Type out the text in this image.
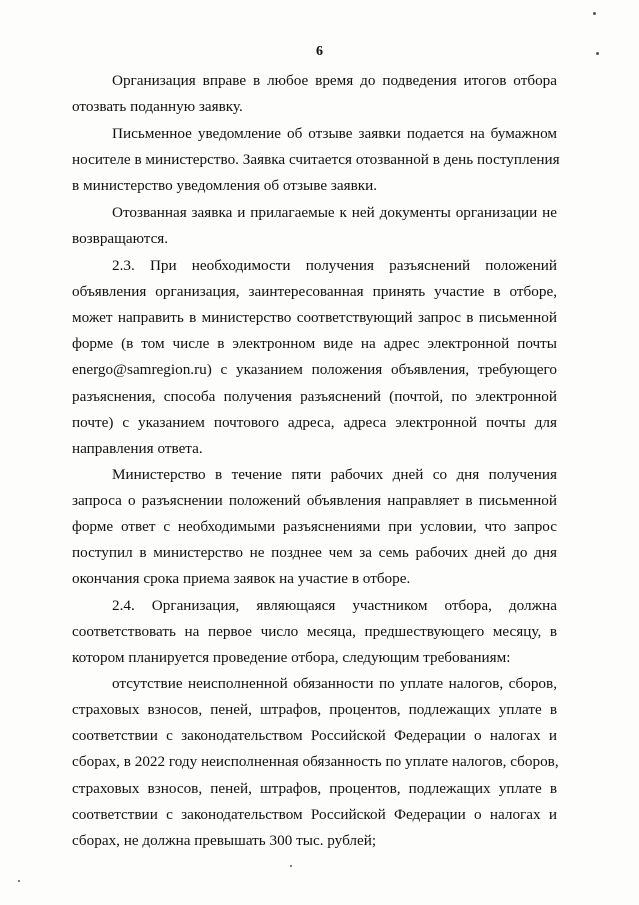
6
Организация вправе в любое время до подведения итогов отбора
отозвать поданную заявку.
Письменное уведомление об отзыве заявки подается на бумажном
носителе в министерство. Заявка считается отозванной в день поступления
в министерство уведомления об отзыве заявки.
Отозванная заявка и прилагаемые к ней документы организации не
возвращаются.
2.3. При необходимости получения разъяснений положений
объявления организация, заинтересованная принять участие в отборе,
может направить в министерство соответствующий запрос в письменной
форме (в том числе в электронном виде на адрес электронной почты
energo@samregion.ru) с указанием положения объявления, требующего
разъяснения, способа получения разъяснений (почтой, по электронной
почте) с указанием почтового адреса, адреса электронной почты для
направления ответа.
Министерство в течение пяти рабочих дней со дня получения
запроса о разъяснении положений объявления направляет в письменной
форме ответ с необходимыми разъяснениями при условии, что запрос
поступил в министерство не позднее чем за семь рабочих дней до дня
окончания срока приема заявок на участие в отборе.
2.4. Организация, являющаяся участником отбора, должна
соответствовать на первое число месяца, предшествующего месяцу, в
котором планируется проведение отбора, следующим требованиям:
отсутствие неисполненной обязанности по уплате налогов, сборов,
страховых взносов, пеней, штрафов, процентов, подлежащих уплате в
соответствии с законодательством Российской Федерации о налогах и
сборах, в 2022 году неисполненная обязанность по уплате налогов, сборов,
страховых взносов, пеней, штрафов, процентов, подлежащих уплате в
соответствии с законодательством Российской Федерации о налогах и
сборах, не должна превышать 300 тыс. рублей;
